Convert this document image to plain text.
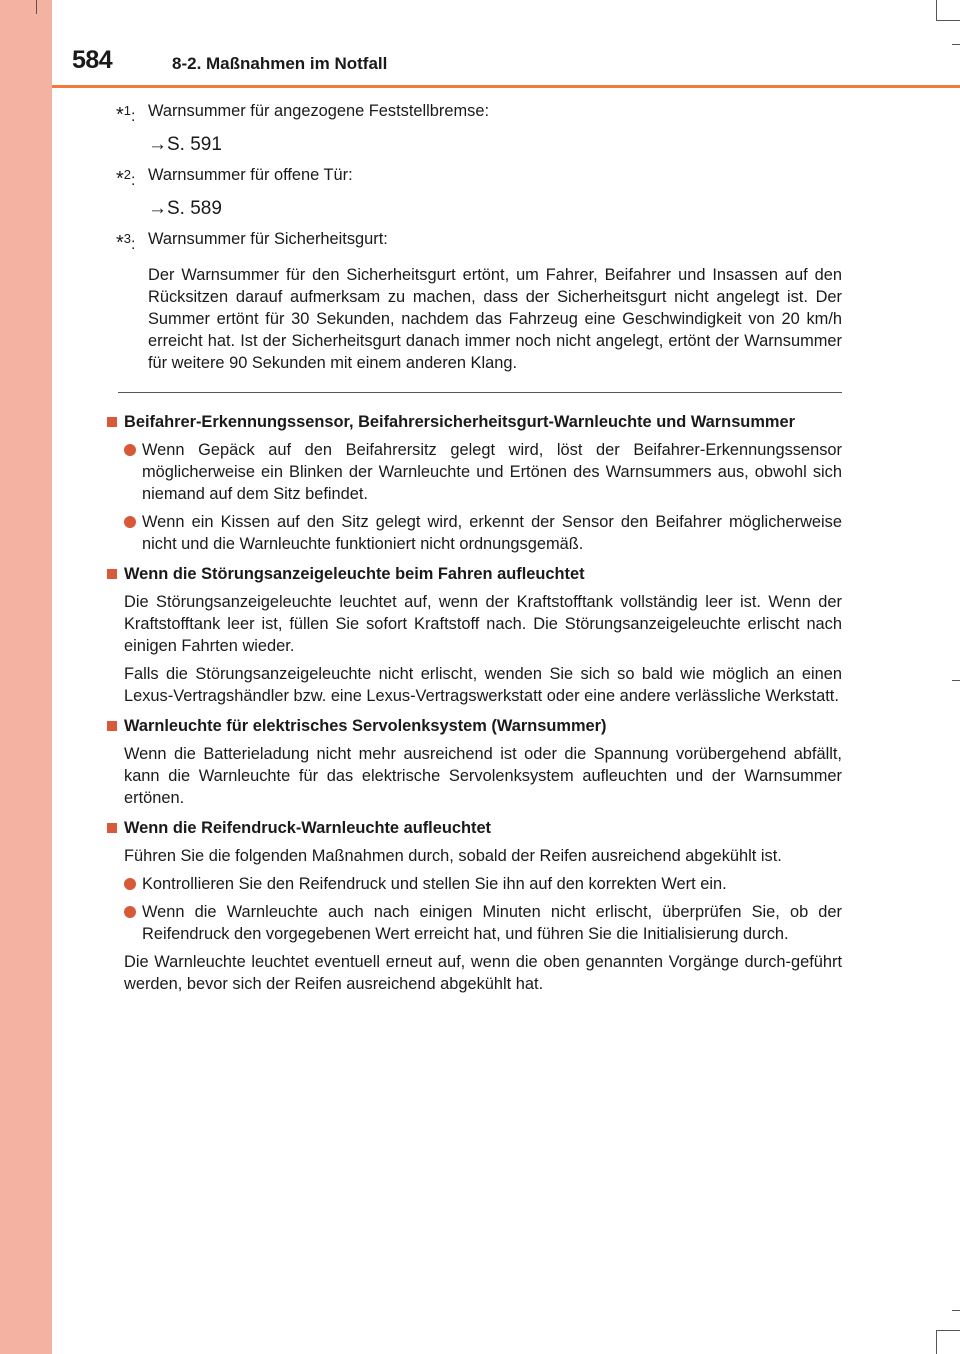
584	8-2. Maßnahmen im Notfall
*$^1$: Warnsummer für angezogene Feststellbremse:
→S. 591
*$^2$: Warnsummer für offene Tür:
→S. 589
*$^3$: Warnsummer für Sicherheitsgurt:
Der Warnsummer für den Sicherheitsgurt ertönt, um Fahrer, Beifahrer und Insassen auf den Rücksitzen darauf aufmerksam zu machen, dass der Sicherheitsgurt nicht angelegt ist. Der Summer ertönt für 30 Sekunden, nachdem das Fahrzeug eine Geschwindigkeit von 20 km/h erreicht hat. Ist der Sicherheitsgurt danach immer noch nicht angelegt, ertönt der Warnsummer für weitere 90 Sekunden mit einem anderen Klang.
Beifahrer-Erkennungssensor, Beifahrersicherheitsgurt-Warnleuchte und Warnsummer
Wenn Gepäck auf den Beifahrersitz gelegt wird, löst der Beifahrer-Erkennungssensor möglicherweise ein Blinken der Warnleuchte und Ertönen des Warnsummers aus, obwohl sich niemand auf dem Sitz befindet.
Wenn ein Kissen auf den Sitz gelegt wird, erkennt der Sensor den Beifahrer möglicherweise nicht und die Warnleuchte funktioniert nicht ordnungsgemäß.
Wenn die Störungsanzeigeleuchte beim Fahren aufleuchtet
Die Störungsanzeigeleuchte leuchtet auf, wenn der Kraftstofftank vollständig leer ist. Wenn der Kraftstofftank leer ist, füllen Sie sofort Kraftstoff nach. Die Störungsanzeigeleuchte erlischt nach einigen Fahrten wieder.
Falls die Störungsanzeigeleuchte nicht erlischt, wenden Sie sich so bald wie möglich an einen Lexus-Vertragshändler bzw. eine Lexus-Vertragswerkstatt oder eine andere verlässliche Werkstatt.
Warnleuchte für elektrisches Servolenksystem (Warnsummer)
Wenn die Batterieladung nicht mehr ausreichend ist oder die Spannung vorübergehend abfällt, kann die Warnleuchte für das elektrische Servolenksystem aufleuchten und der Warnsummer ertönen.
Wenn die Reifendruck-Warnleuchte aufleuchtet
Führen Sie die folgenden Maßnahmen durch, sobald der Reifen ausreichend abgekühlt ist.
Kontrollieren Sie den Reifendruck und stellen Sie ihn auf den korrekten Wert ein.
Wenn die Warnleuchte auch nach einigen Minuten nicht erlischt, überprüfen Sie, ob der Reifendruck den vorgegebenen Wert erreicht hat, und führen Sie die Initialisierung durch.
Die Warnleuchte leuchtet eventuell erneut auf, wenn die oben genannten Vorgänge durch-geführt werden, bevor sich der Reifen ausreichend abgekühlt hat.
